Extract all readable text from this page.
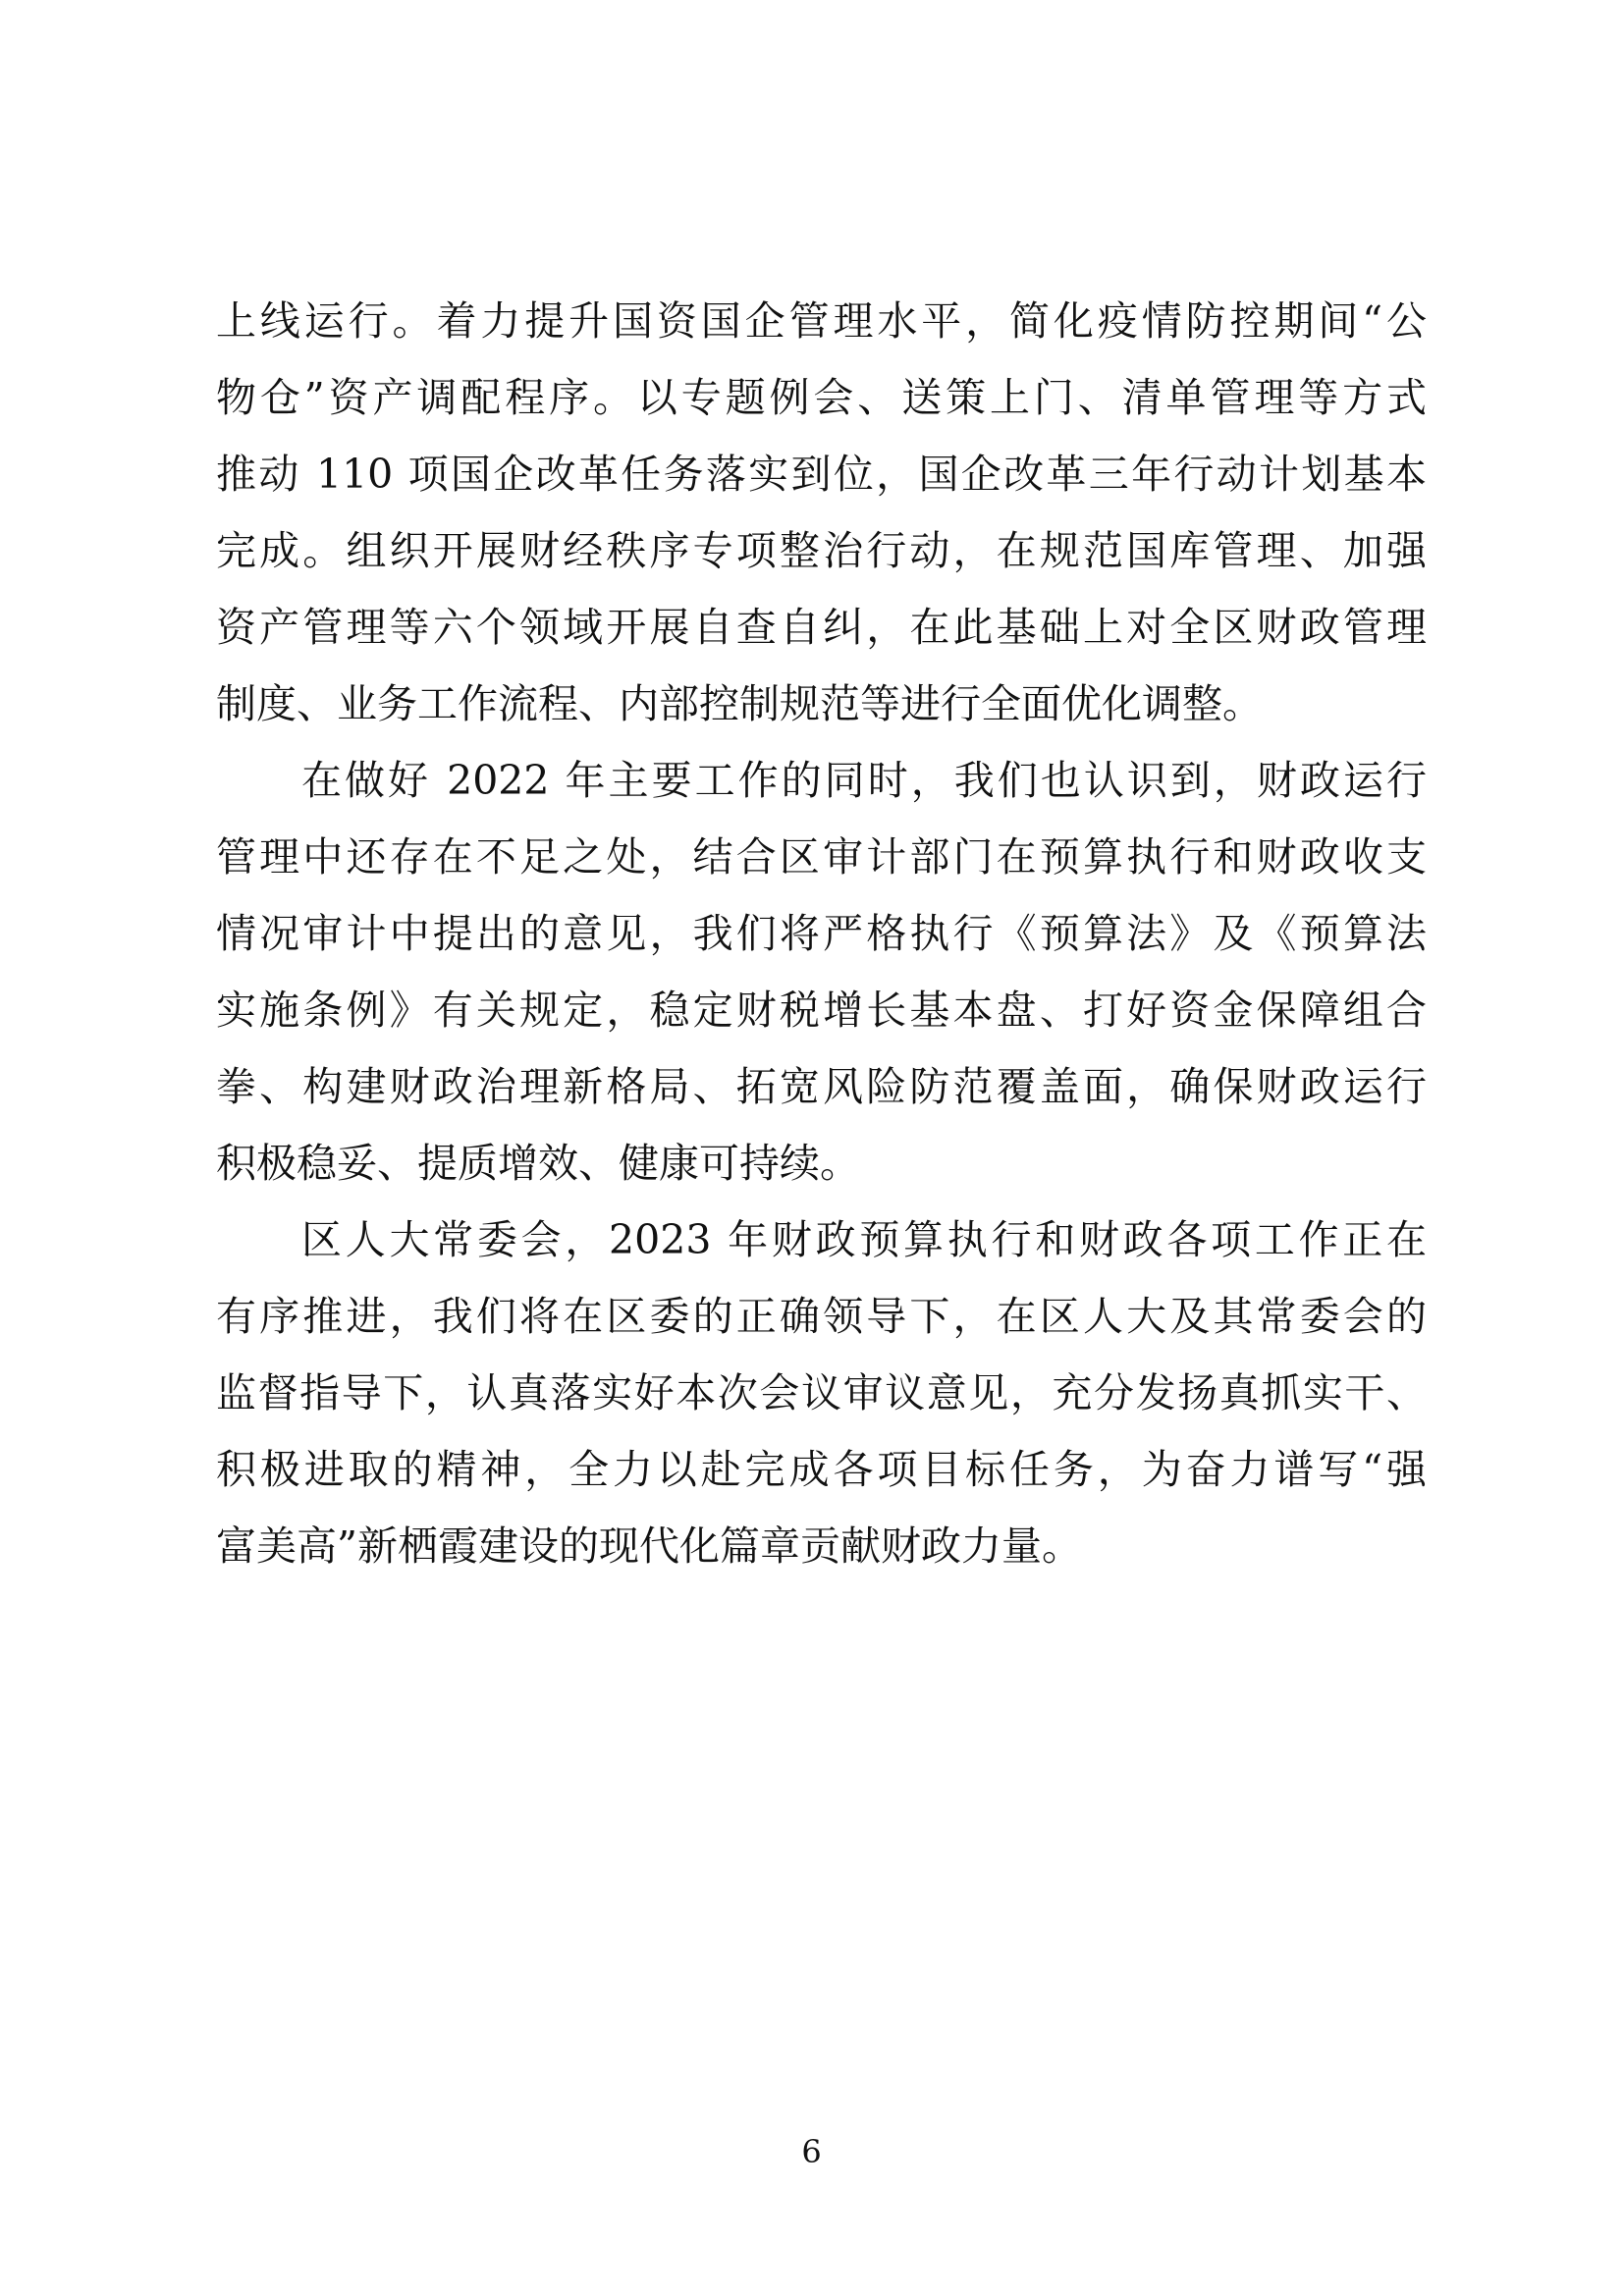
上线运行。着力提升国资国企管理水平，简化疫情防控期间“公
物仓”资产调配程序。以专题例会、送策上门、清单管理等方式
推动 110 项国企改革任务落实到位，国企改革三年行动计划基本
完成。组织开展财经秩序专项整治行动，在规范国库管理、加强
资产管理等六个领域开展自查自纠，在此基础上对全区财政管理
制度、业务工作流程、内部控制规范等进行全面优化调整。
在做好 2022 年主要工作的同时，我们也认识到，财政运行
管理中还存在不足之处，结合区审计部门在预算执行和财政收支
情况审计中提出的意见，我们将严格执行《预算法》及《预算法
实施条例》有关规定，稳定财税增长基本盘、打好资金保障组合
拳、构建财政治理新格局、拓宽风险防范覆盖面，确保财政运行
积极稳妥、提质增效、健康可持续。
区人大常委会，2023 年财政预算执行和财政各项工作正在
有序推进，我们将在区委的正确领导下，在区人大及其常委会的
监督指导下，认真落实好本次会议审议意见，充分发扬真抓实干、
积极进取的精神，全力以赴完成各项目标任务，为奋力谱写“强
富美高”新栖霞建设的现代化篇章贡献财政力量。
6
